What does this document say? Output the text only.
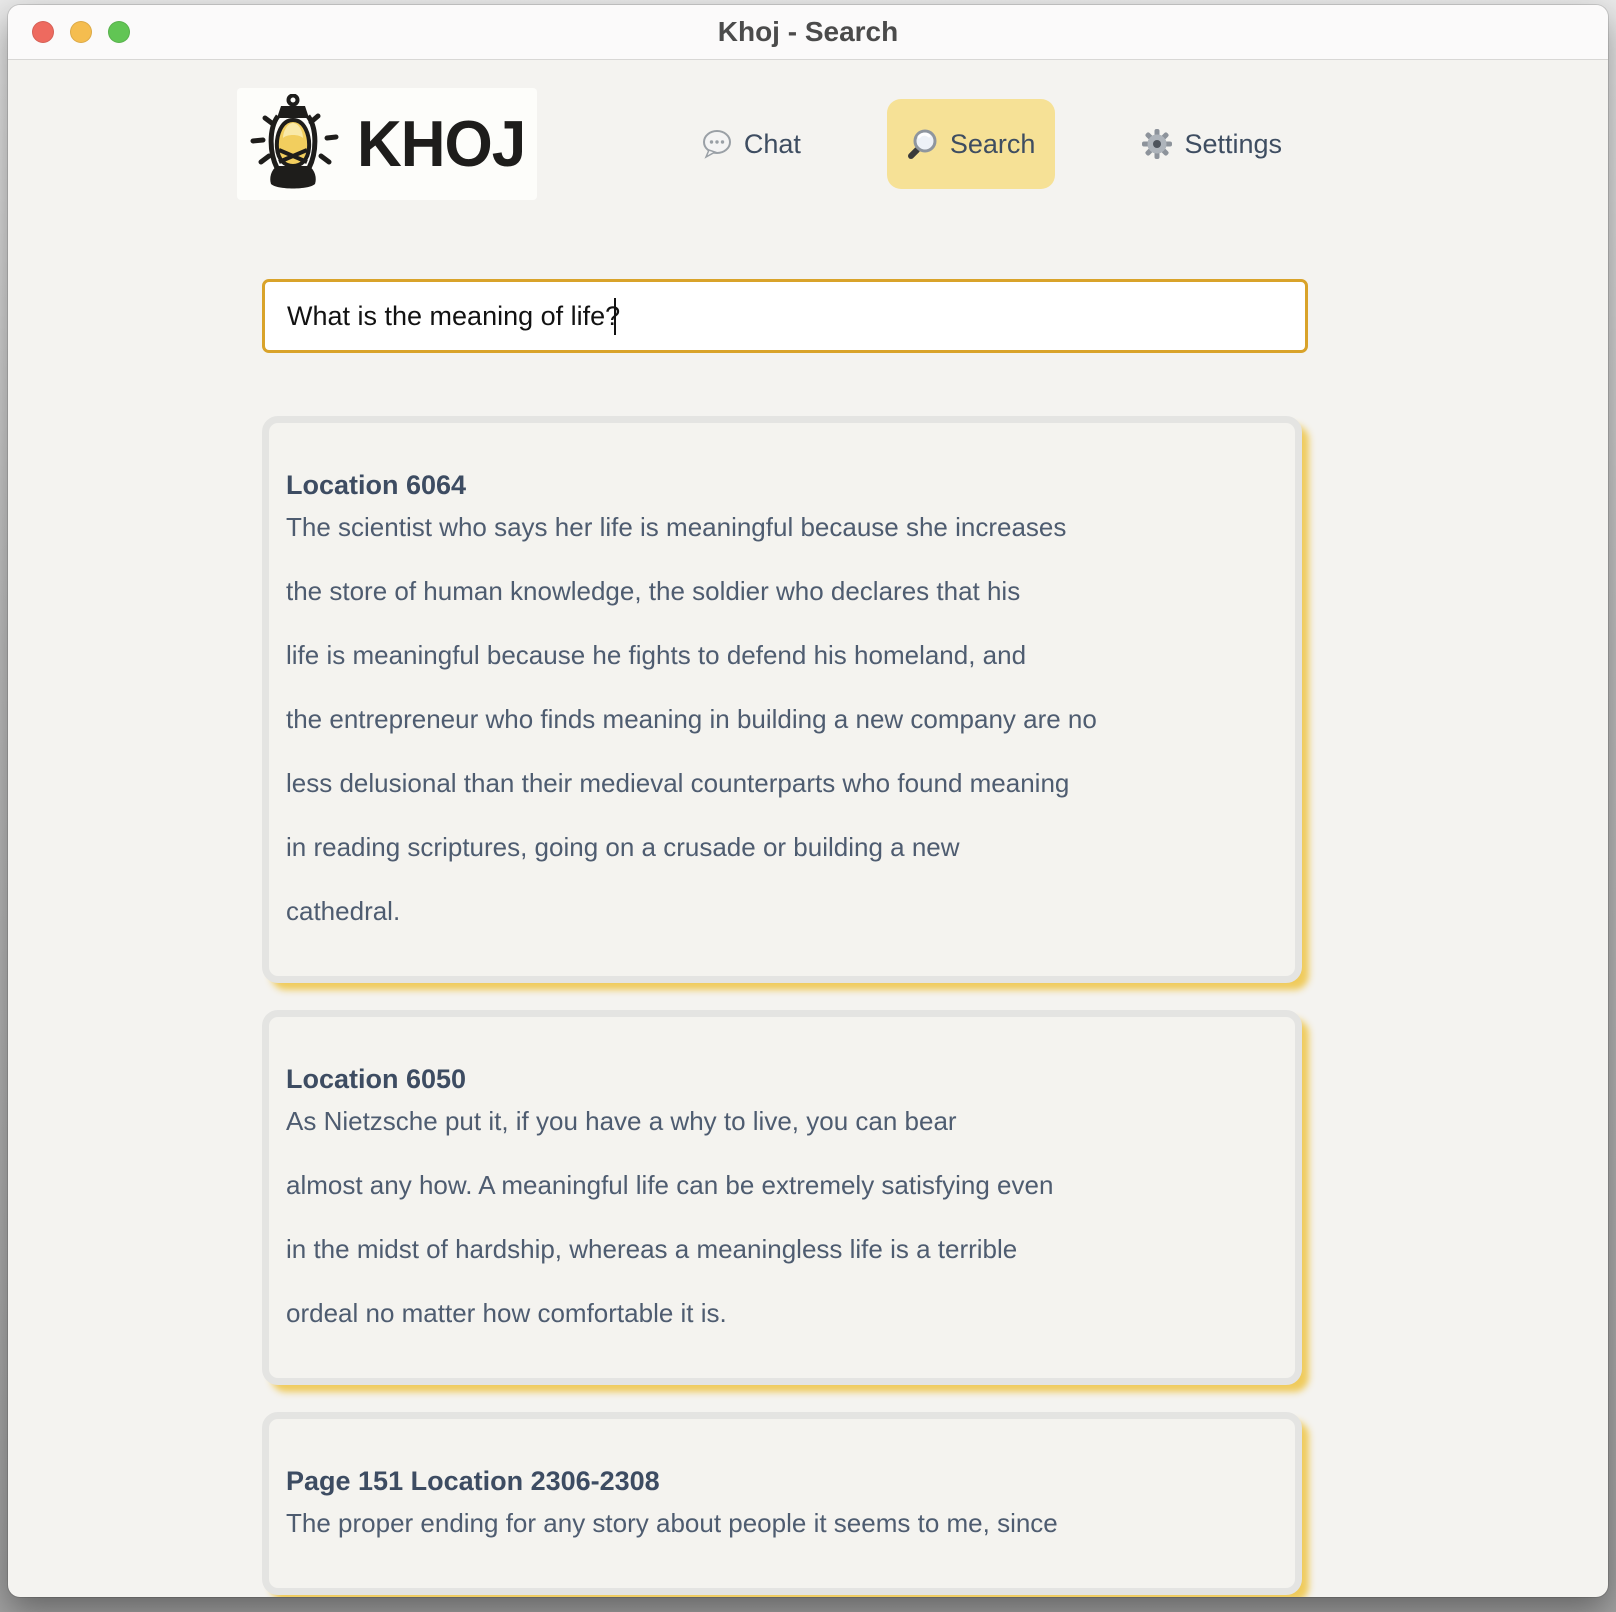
Khoj - Search
KHOJ	Chat	Search	Settings
What is the meaning of life?
Location 6064

The scientist who says her life is meaningful because she increases

the store of human knowledge, the soldier who declares that his

life is meaningful because he fights to defend his homeland, and

the entrepreneur who finds meaning in building a new company are no

less delusional than their medieval counterparts who found meaning

in reading scriptures, going on a crusade or building a new

cathedral.

Location 6050

As Nietzsche put it, if you have a why to live, you can bear

almost any how. A meaningful life can be extremely satisfying even

in the midst of hardship, whereas a meaningless life is a terrible

ordeal no matter how comfortable it is.

Page 151 Location 2306-2308

The proper ending for any story about people it seems to me, since
